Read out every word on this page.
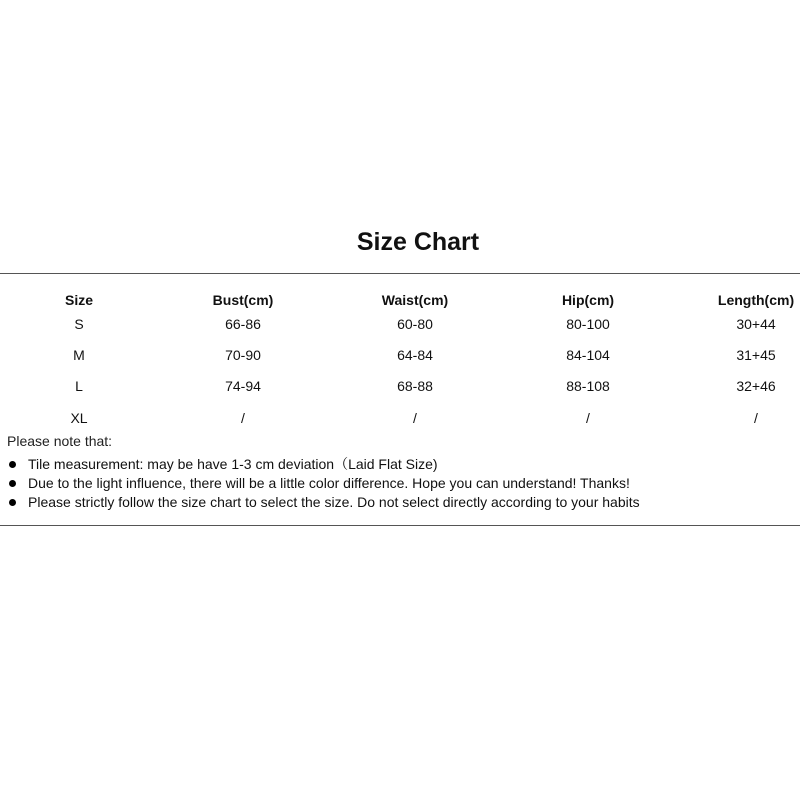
Size Chart
Size	Bust(cm)	Waist(cm)	Hip(cm)	Length(cm)
S	66-86	60-80	80-100	30+44
M	70-90	64-84	84-104	31+45
L	74-94	68-88	88-108	32+46
XL	/	/	/	/
Please note that:
Tile measurement: may be have 1-3 cm deviation（Laid Flat Size)
Due to the light influence, there will be a little color difference. Hope you can understand! Thanks!
Please strictly follow the size chart to select the size. Do not select directly according to your habits
